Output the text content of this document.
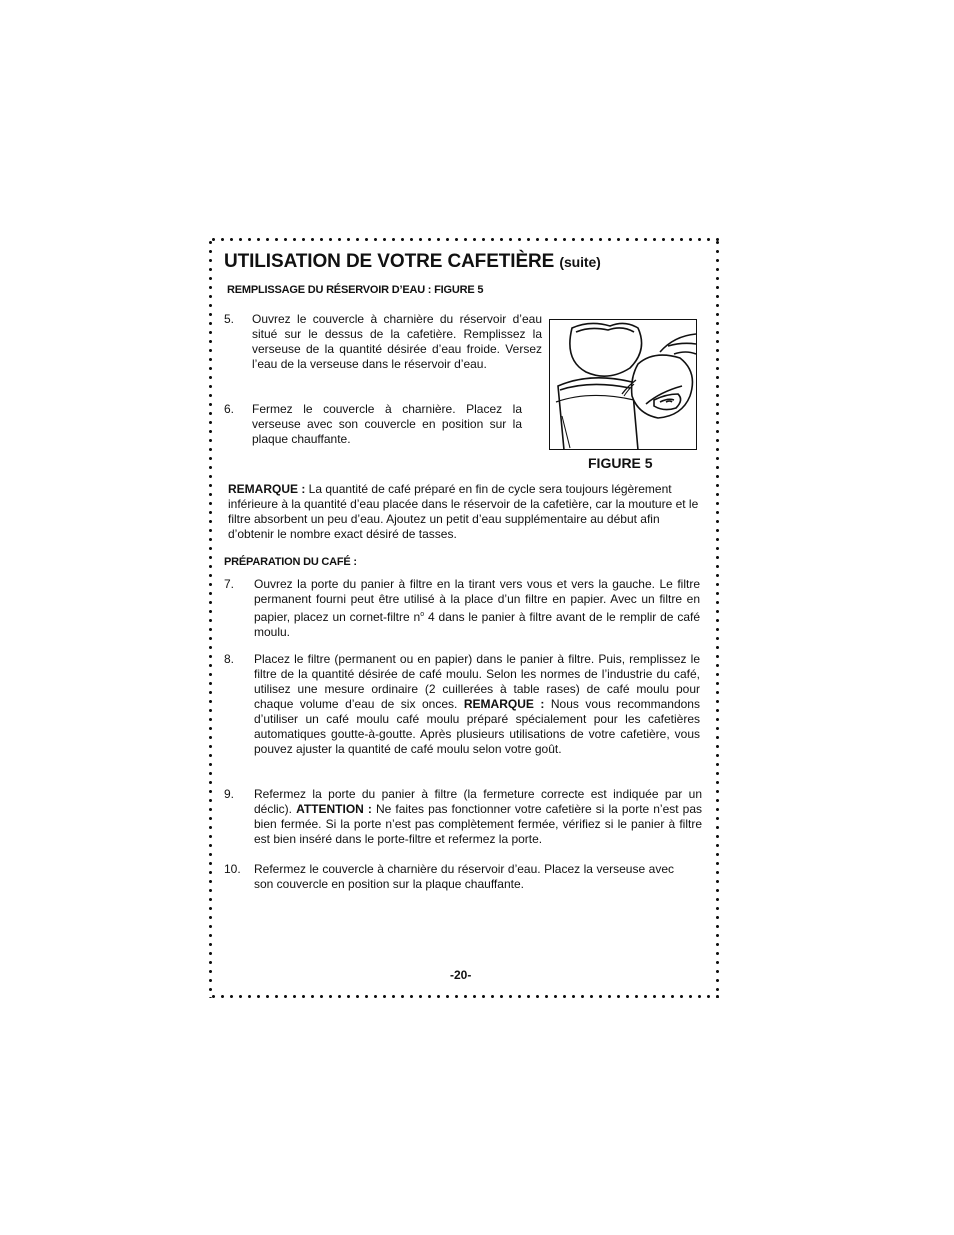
UTILISATION DE VOTRE CAFETIÈRE (suite)
REMPLISSAGE DU RÉSERVOIR D’EAU : FIGURE 5
5. Ouvrez le couvercle à charnière du réservoir d’eau situé sur le dessus de la cafetière. Remplissez la verseuse de la quantité désirée d’eau froide. Versez l’eau de la verseuse dans le réservoir d’eau.
6. Fermez le couvercle à charnière. Placez la verseuse avec son couvercle en position sur la plaque chauffante.
FIGURE 5
REMARQUE : La quantité de café préparé en fin de cycle sera toujours légèrement inférieure à la quantité d’eau placée dans le réservoir de la cafetière, car la mouture et le filtre absorbent un peu d’eau. Ajoutez un petit d’eau supplémentaire au début afin d’obtenir le nombre exact désiré de tasses.
PRÉPARATION DU CAFÉ :
7. Ouvrez la porte du panier à filtre en la tirant vers vous et vers la gauche. Le filtre permanent fourni peut être utilisé à la place d’un filtre en papier. Avec un filtre en papier, placez un cornet-filtre $n^o$ 4 dans le panier à filtre avant de le remplir de café moulu.
8. Placez le filtre (permanent ou en papier) dans le panier à filtre. Puis, remplissez le filtre de la quantité désirée de café moulu. Selon les normes de l’industrie du café, utilisez une mesure ordinaire (2 cuillerées à table rases) de café moulu pour chaque volume d’eau de six onces. REMARQUE : Nous vous recommandons d’utiliser un café moulu café moulu préparé spécialement pour les cafetières automatiques goutte-à-goutte. Après plusieurs utilisations de votre cafetière, vous pouvez ajuster la quantité de café moulu selon votre goût.
9. Refermez la porte du panier à filtre (la fermeture correcte est indiquée par un déclic). ATTENTION : Ne faites pas fonctionner votre cafetière si la porte n’est pas bien fermée. Si la porte n’est pas complètement fermée, vérifiez si le panier à filtre est bien inséré dans le porte-filtre et refermez la porte.
10. Refermez le couvercle à charnière du réservoir d’eau. Placez la verseuse avec son couvercle en position sur la plaque chauffante.
-20-
